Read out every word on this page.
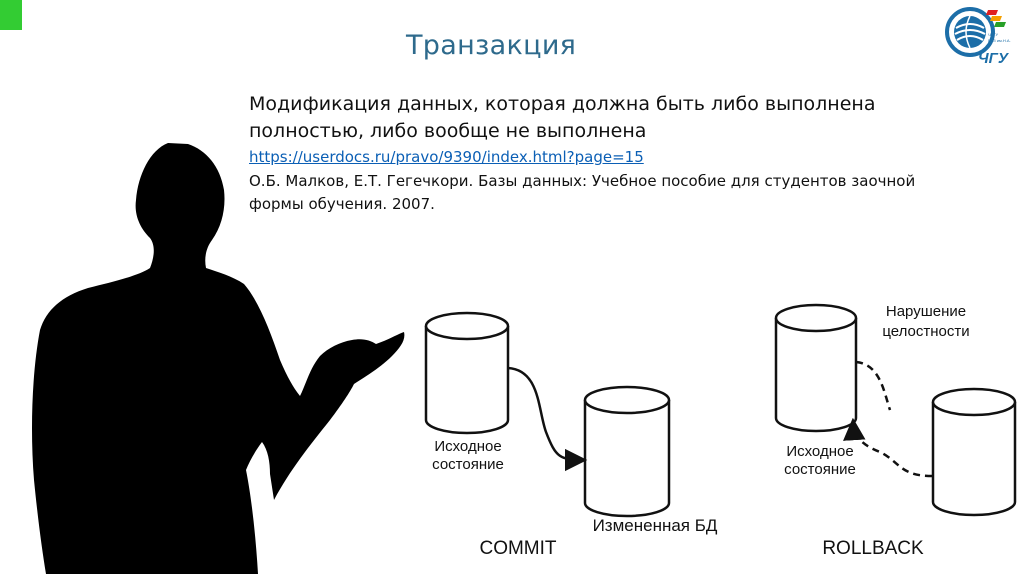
Транзакция	ЧЕГУ
БЕЗ им.Н.А.
ЧГУ
Модификация данных, которая должна быть либо выполнена
полностью, либо вообще не выполнена
https://userdocs.ru/pravo/9390/index.html?page=15
О.Б. Малков, Е.Т. Гегечкори. Базы данных: Учебное пособие для студентов заочной
формы обучения. 2007.
Исходное
состояние
Измененная БД
COMMIT
Нарушение
целостности
Исходное
состояние
ROLLBACK
